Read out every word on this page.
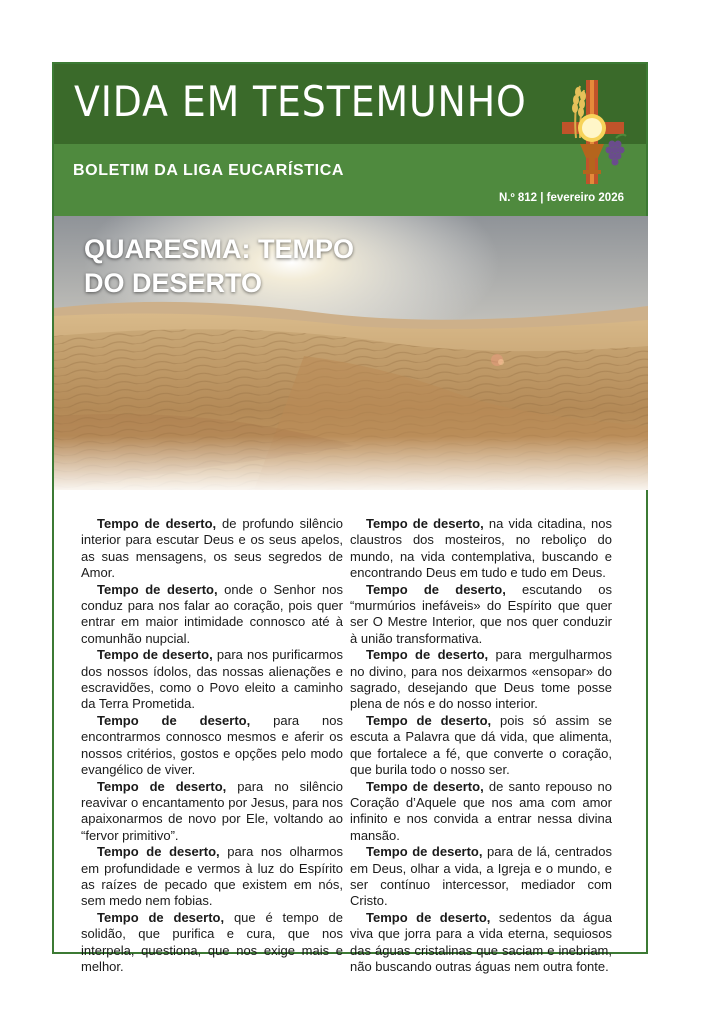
VIDA EM TESTEMUNHO
BOLETIM DA LIGA EUCARÍSTICA
N.º 812 | fevereiro 2026
QUARESMA: TEMPO
DO DESERTO

Tempo de deserto, de profundo silêncio interior para escutar Deus e os seus apelos, as suas mensagens, os seus segredos de Amor.

Tempo de deserto, onde o Senhor nos conduz para nos falar ao coração, pois quer entrar em maior intimidade connosco até à comunhão nupcial.

Tempo de deserto, para nos purificarmos dos nossos ídolos, das nossas alienações e escravidões, como o Povo eleito a caminho da Terra Prometida.

Tempo de deserto, para nos encontrarmos connosco mesmos e aferir os nossos critérios, gostos e opções pelo modo evangélico de viver.

Tempo de deserto, para no silêncio reavivar o encantamento por Jesus, para nos apaixonarmos de novo por Ele, voltando ao “fervor primitivo”.

Tempo de deserto, para nos olharmos em profundidade e vermos à luz do Espírito as raízes de pecado que existem em nós, sem medo nem fobias.

Tempo de deserto, que é tempo de solidão, que purifica e cura, que nos interpela, questiona, que nos exige mais e melhor.

Tempo de deserto, na vida citadina, nos claustros dos mosteiros, no reboliço do mundo, na vida contemplativa, buscando e encontrando Deus em tudo e tudo em Deus.

Tempo de deserto, escutando os “murmúrios inefáveis» do Espírito que quer ser O Mestre Interior, que nos quer conduzir à união transformativa.

Tempo de deserto, para mergulharmos no divino, para nos deixarmos «ensopar» do sagrado, desejando que Deus tome posse plena de nós e do nosso interior.

Tempo de deserto, pois só assim se escuta a Palavra que dá vida, que alimenta, que fortalece a fé, que converte o coração, que burila todo o nosso ser.

Tempo de deserto, de santo repouso no Coração d’Aquele que nos ama com amor infinito e nos convida a entrar nessa divina mansão.

Tempo de deserto, para de lá, centrados em Deus, olhar a vida, a Igreja e o mundo, e ser contínuo intercessor, mediador com Cristo.

Tempo de deserto, sedentos da água viva que jorra para a vida eterna, sequiosos das águas cristalinas que saciam e inebriam, não buscando outras águas nem outra fonte.
